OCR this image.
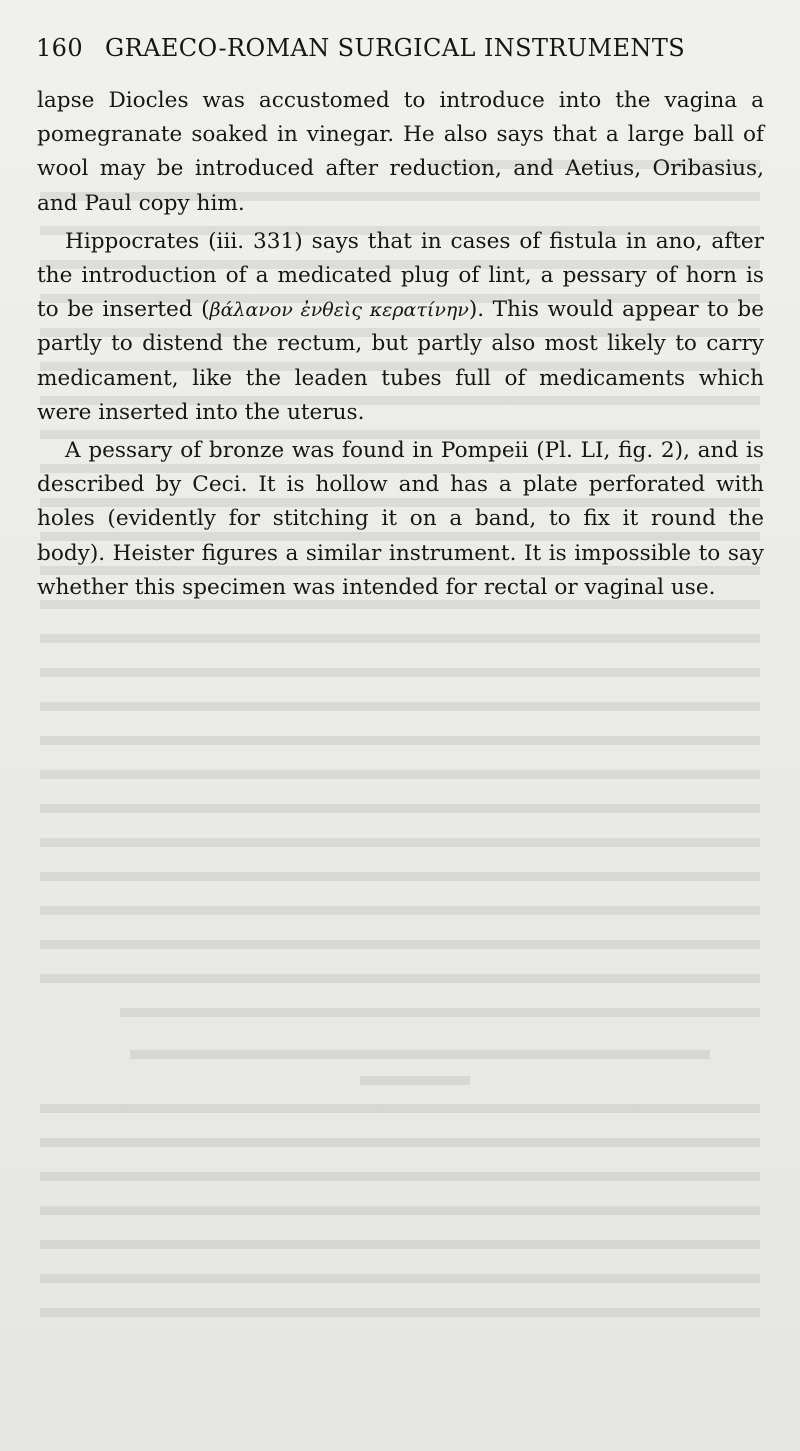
160 GRAECO-ROMAN SURGICAL INSTRUMENTS

lapse Diocles was accustomed to introduce into the vagina a pomegranate soaked in vinegar. He also says that a large ball of wool may be introduced after reduction, and Aetius, Oribasius, and Paul copy him.

Hippocrates (iii. 331) says that in cases of fistula in ano, after the introduction of a medicated plug of lint, a pessary of horn is to be inserted (βάλανον ἐνθεὶς κερατίνην). This would appear to be partly to distend the rectum, but partly also most likely to carry medicament, like the leaden tubes full of medicaments which were inserted into the uterus.

A pessary of bronze was found in Pompeii (Pl. LI, fig. 2), and is described by Ceci. It is hollow and has a plate perforated with holes (evidently for stitching it on a band, to fix it round the body). Heister figures a similar instrument. It is impossible to say whether this specimen was intended for rectal or vaginal use.
